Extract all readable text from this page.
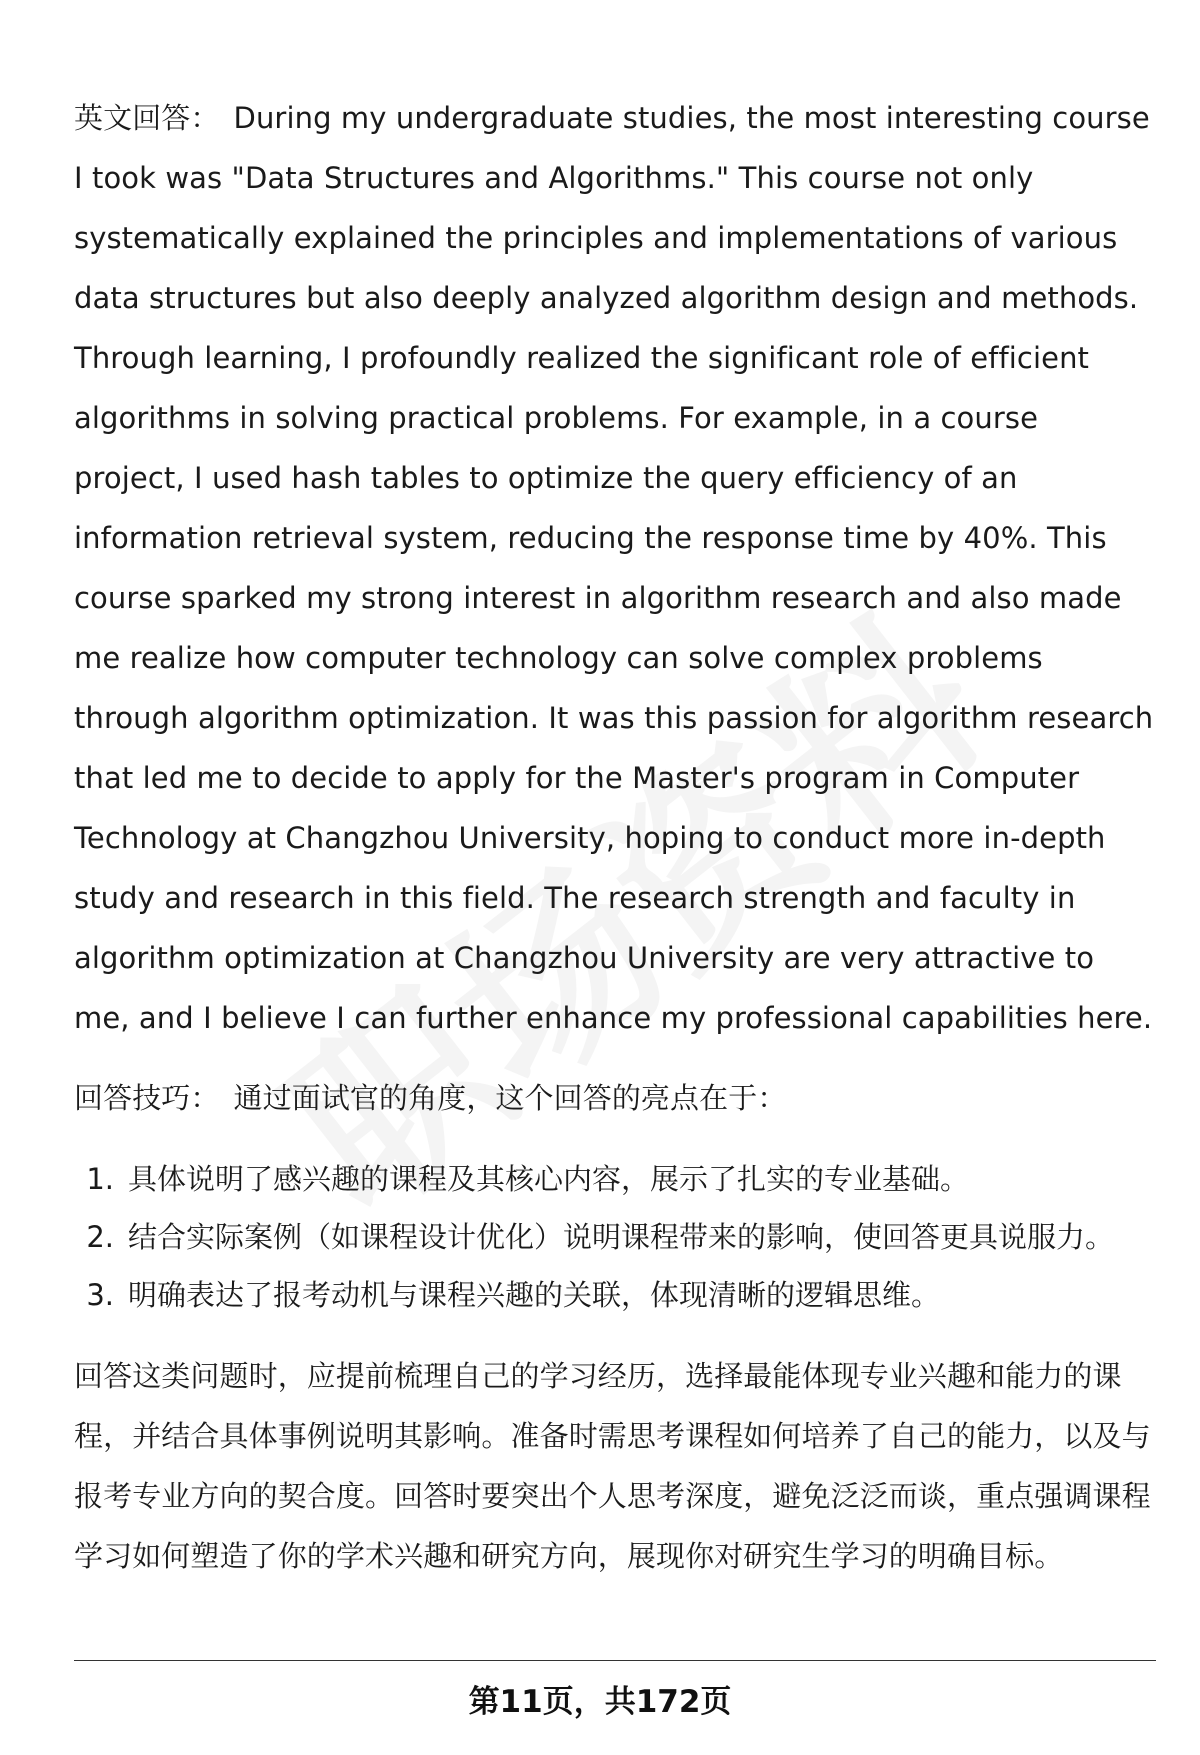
英文回答： During my undergraduate studies, the most interesting course I took was "Data Structures and Algorithms." This course not only systematically explained the principles and implementations of various data structures but also deeply analyzed algorithm design and methods. Through learning, I profoundly realized the significant role of efficient algorithms in solving practical problems. For example, in a course project, I used hash tables to optimize the query efficiency of an information retrieval system, reducing the response time by 40%. This course sparked my strong interest in algorithm research and also made me realize how computer technology can solve complex problems through algorithm optimization. It was this passion for algorithm research that led me to decide to apply for the Master's program in Computer Technology at Changzhou University, hoping to conduct more in-depth study and research in this field. The research strength and faculty in algorithm optimization at Changzhou University are very attractive to me, and I believe I can further enhance my professional capabilities here.

回答技巧： 通过面试官的角度，这个回答的亮点在于：

1. 具体说明了感兴趣的课程及其核心内容，展示了扎实的专业基础。
2. 结合实际案例（如课程设计优化）说明课程带来的影响，使回答更具说服力。
3. 明确表达了报考动机与课程兴趣的关联，体现清晰的逻辑思维。

回答这类问题时，应提前梳理自己的学习经历，选择最能体现专业兴趣和能力的课程，并结合具体事例说明其影响。准备时需思考课程如何培养了自己的能力，以及与报考专业方向的契合度。回答时要突出个人思考深度，避免泛泛而谈，重点强调课程学习如何塑造了你的学术兴趣和研究方向，展现你对研究生学习的明确目标。

第11页，共172页
